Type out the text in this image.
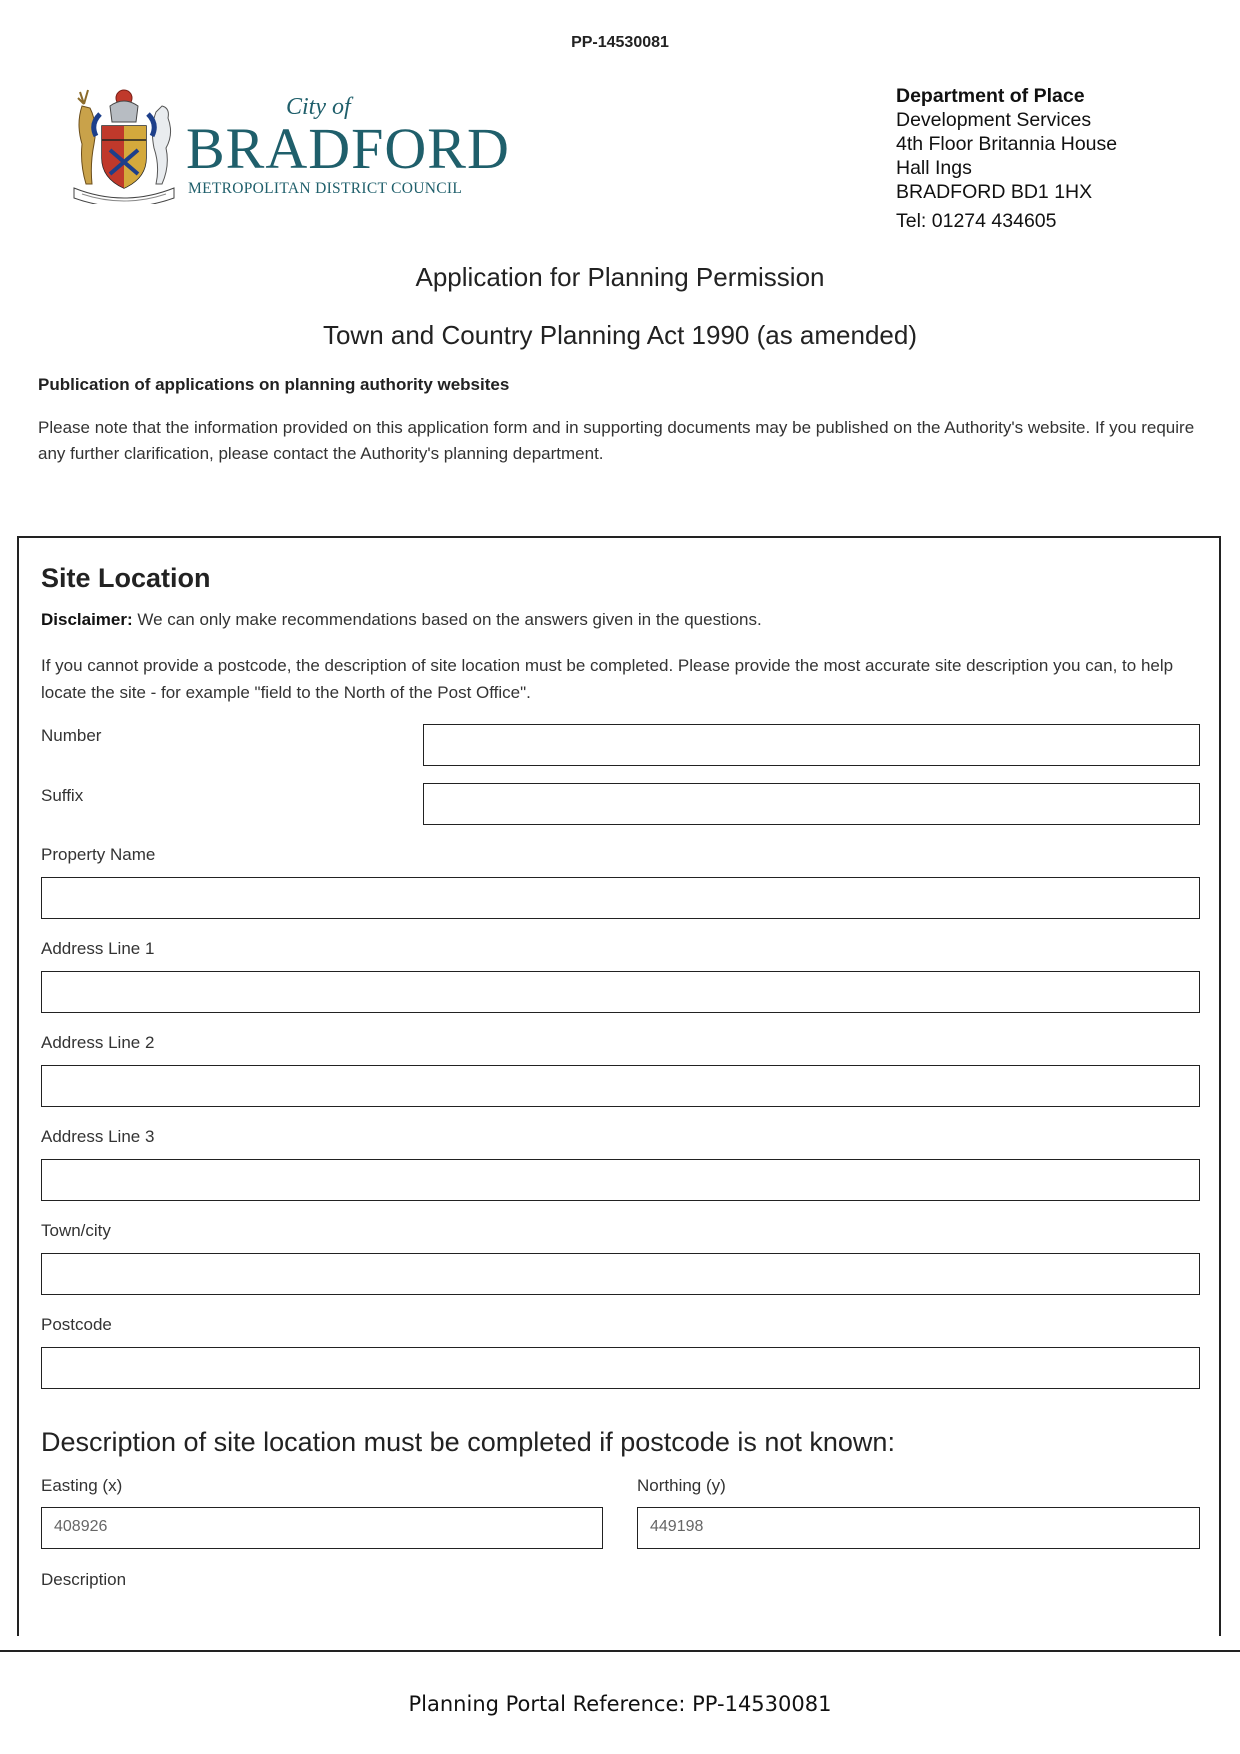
PP-14530081
City of
BRADFORD
METROPOLITAN DISTRICT COUNCIL
Department of Place
Development Services
4th Floor Britannia House
Hall Ings
BRADFORD BD1 1HX
Tel: 01274 434605
Application for Planning Permission
Town and Country Planning Act 1990 (as amended)
Publication of applications on planning authority websites
Please note that the information provided on this application form and in supporting documents may be published on the Authority's website. If you require any further clarification, please contact the Authority's planning department.
Site Location
Disclaimer: We can only make recommendations based on the answers given in the questions.
If you cannot provide a postcode, the description of site location must be completed. Please provide the most accurate site description you can, to help locate the site - for example "field to the North of the Post Office".
Number
Suffix
Property Name
Address Line 1
Address Line 2
Address Line 3
Town/city
Postcode
Description of site location must be completed if postcode is not known:
Easting (x)
408926
Northing (y)
449198
Description
Planning Portal Reference: PP-14530081
